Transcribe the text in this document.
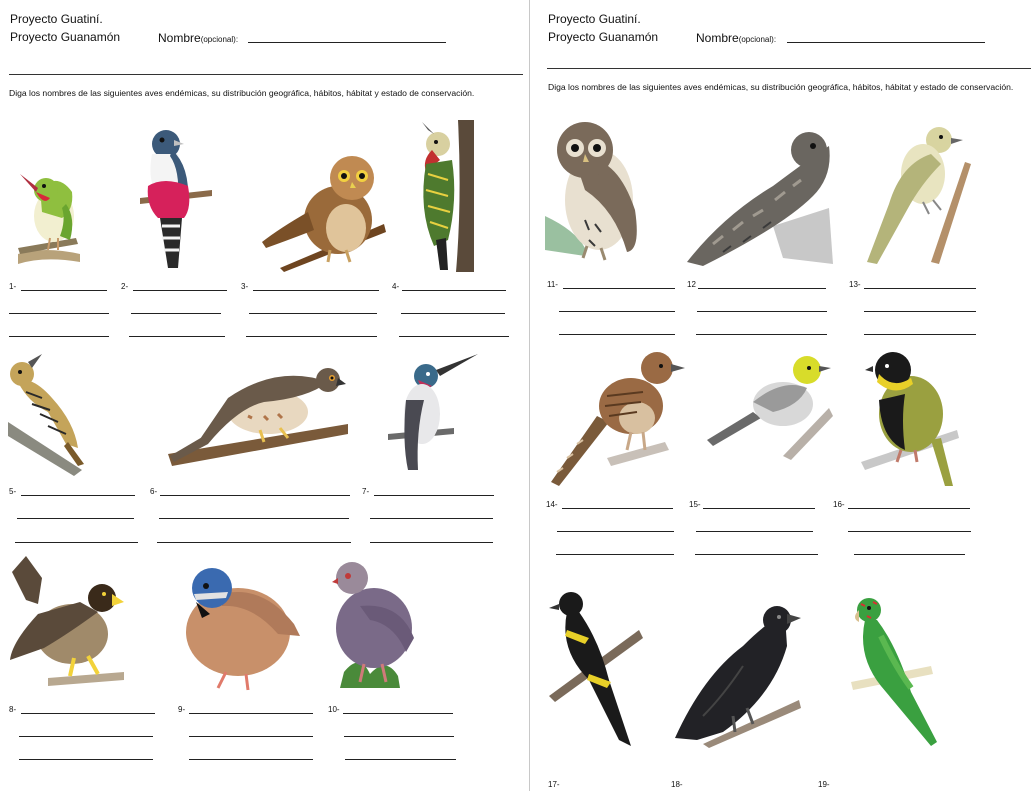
Proyecto Guatiní.
Proyecto Guanamón	Nombre(opcional):
Diga los nombres de las siguientes aves endémicas, su distribución geográfica, hábitos, hábitat y estado de conservación.
1-	2-	3-	4-
5-	6-	7-
8-	9-	10-
Proyecto Guatiní.
Proyecto Guanamón	Nombre(opcional):
Diga los nombres de las siguientes aves endémicas, su distribución geográfica, hábitos, hábitat y estado de conservación.
11-	12	13-
14-	15-	16-
17-	18-	19-
